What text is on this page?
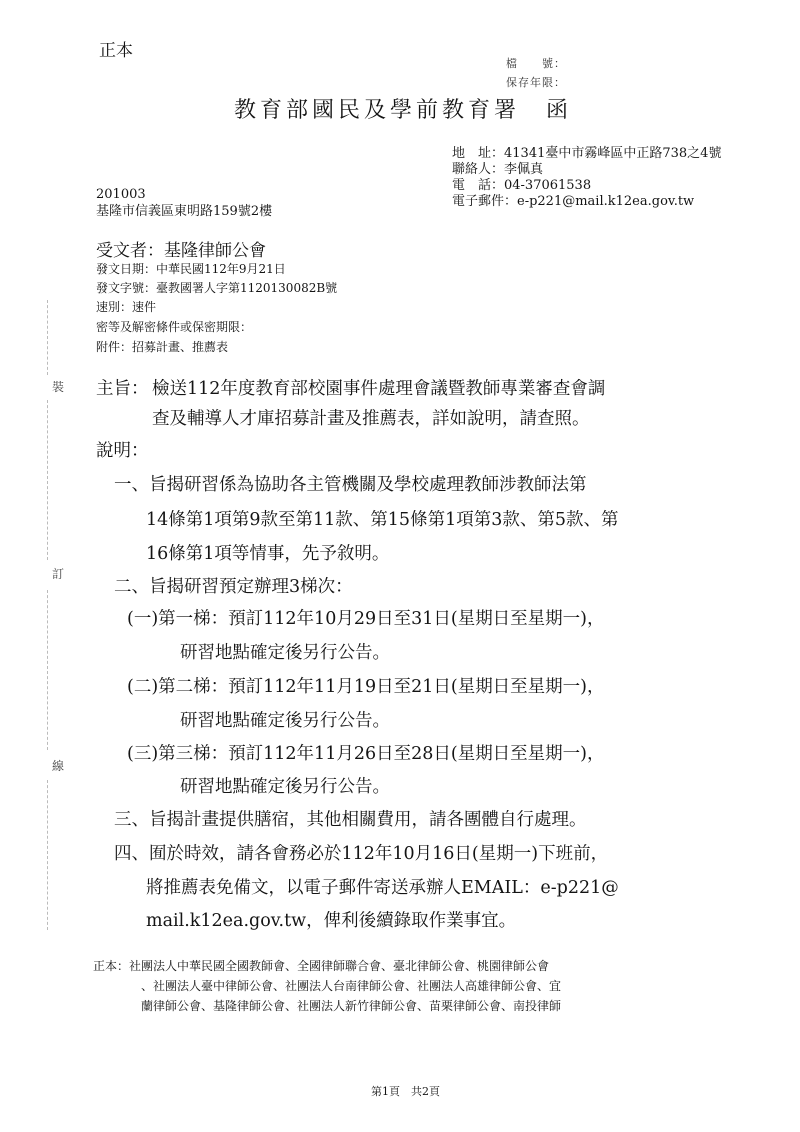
正本
檔　　號：
保存年限：
教育部國民及學前教育署　函
地　址：41341臺中市霧峰區中正路738之4號
聯絡人：李佩真
電　話：04-37061538
電子郵件：e-p221@mail.k12ea.gov.tw
201003
基隆市信義區東明路159號2樓
受文者：基隆律師公會
發文日期：中華民國112年9月21日
發文字號：臺教國署人字第1120130082B號
速別：速件
密等及解密條件或保密期限：
附件：招募計畫、推薦表
裝
訂
線
主旨： 檢送112年度教育部校園事件處理會議暨教師專業審查會調
查及輔導人才庫招募計畫及推薦表，詳如說明，請查照。
說明：
一、旨揭研習係為協助各主管機關及學校處理教師涉教師法第
14條第1項第9款至第11款、第15條第1項第3款、第5款、第
16條第1項等情事，先予敘明。
二、旨揭研習預定辦理3梯次：
(一)第一梯：預訂112年10月29日至31日(星期日至星期一)，
研習地點確定後另行公告。
(二)第二梯：預訂112年11月19日至21日(星期日至星期一)，
研習地點確定後另行公告。
(三)第三梯：預訂112年11月26日至28日(星期日至星期一)，
研習地點確定後另行公告。
三、旨揭計畫提供膳宿，其他相關費用，請各團體自行處理。
四、囿於時效，請各會務必於112年10月16日(星期一)下班前，
將推薦表免備文，以電子郵件寄送承辦人EMAIL：e-p221@
mail.k12ea.gov.tw，俾利後續錄取作業事宜。
正本：社團法人中華民國全國教師會、全國律師聯合會、臺北律師公會、桃園律師公會
、社團法人臺中律師公會、社團法人台南律師公會、社團法人高雄律師公會、宜
蘭律師公會、基隆律師公會、社團法人新竹律師公會、苗栗律師公會、南投律師
第1頁　共2頁
